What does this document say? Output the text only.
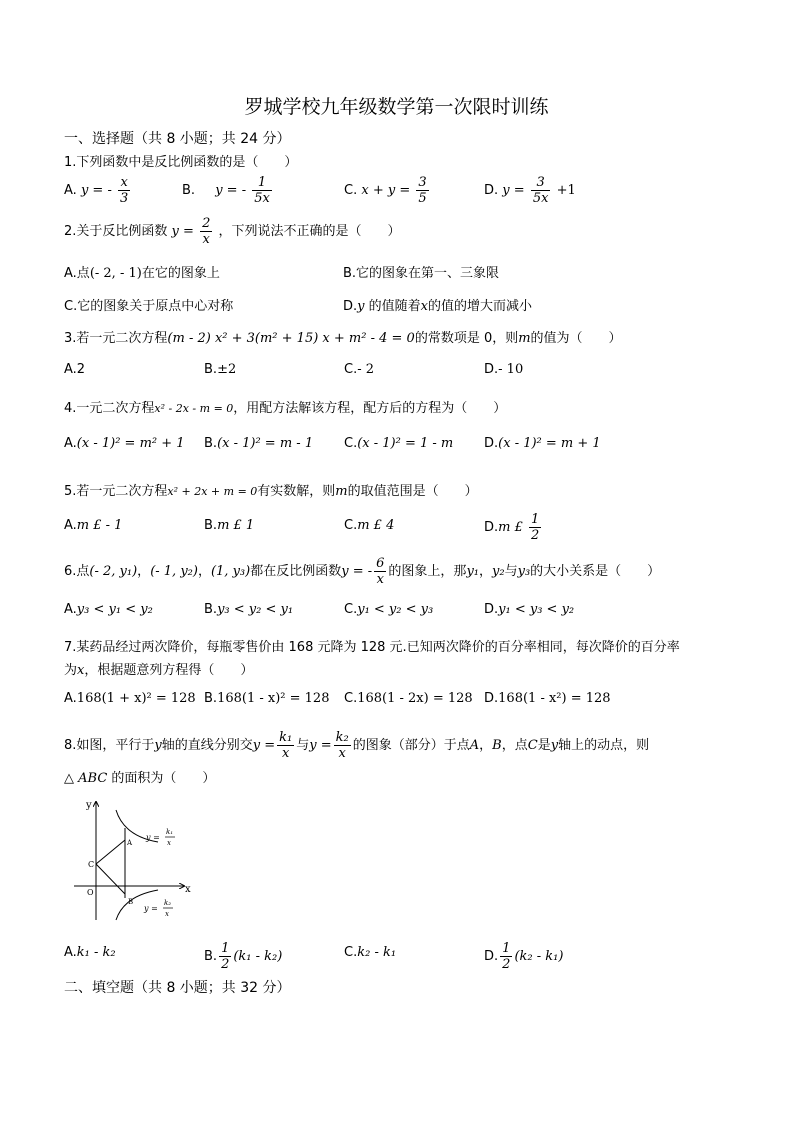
罗城学校九年级数学第一次限时训练
一、选择题（共 8 小题；共 24 分）
1.下列函数中是反比例函数的是（　　）
A. y = - $\frac{x}{3}$	B. y = - $\frac{1}{5x}$	C. $x + y = \frac{3}{5}$	D. $y = \frac{3}{5x} +1$
2.关于反比例函数 $y = \frac{2}{x}$ ，下列说法不正确的是（　　）
A.点(- 2, - 1)在它的图象上	B.它的图象在第一、三象限
C.它的图象关于原点中心对称	D.y 的值随着x的值的增大而减小
3.若一元二次方程(m - 2) x² + 3(m² + 15) x + m² - 4 = 0的常数项是 0，则m的值为（　　）
A.2	B.±2	C.- 2	D.- 10
4.一元二次方程x² - 2x - m = 0，用配方法解该方程，配方后的方程为（　　）
A.(x - 1)² = m² + 1 B.(x - 1)² = m - 1 C.(x - 1)² = 1 - m D.(x - 1)² = m + 1
5.若一元二次方程x² + 2x + m = 0有实数解，则m的取值范围是（　　）
A.m £ - 1	B.m £ 1	C.m £ 4	D.m £ $\frac{1}{2}$
6.点(- 2, y₁)，(- 1, y₂)，(1, y₃)都在反比例函数y = - $\frac{6}{x}$ 的图象上，那y₁，y₂与y₃的大小关系是（　　）
A.y₃ < y₁ < y₂	B.y₃ < y₂ < y₁	C.y₁ < y₂ < y₃	D.y₁ < y₃ < y₂
7.某药品经过两次降价，每瓶零售价由 168 元降为 128 元.已知两次降价的百分率相同，每次降价的百分率
为x，根据题意列方程得（　　）
A.168(1 + x)² = 128 B.168(1 - x)² = 128 C.168(1 - 2x) = 128 D.168(1 - x²) = 128
8.如图，平行于y轴的直线分别交$y = \frac{\text{k₁}}{x}$ 与$y = \frac{\text{k₂}}{x}$ 的图象（部分）于点A，B，点C是y轴上的动点，则
△ ABC 的面积为（　　）
y
x
O
C
A
B
y =
k₁
x
y =
k₂
x
A.k₁ - k₂	B. $\frac{1}{2} (k_1 - k_2)$	C.k₂ - k₁	D. $\frac{1}{2} (k_2 - k_1)$
二、填空题（共 8 小题；共 32 分）
